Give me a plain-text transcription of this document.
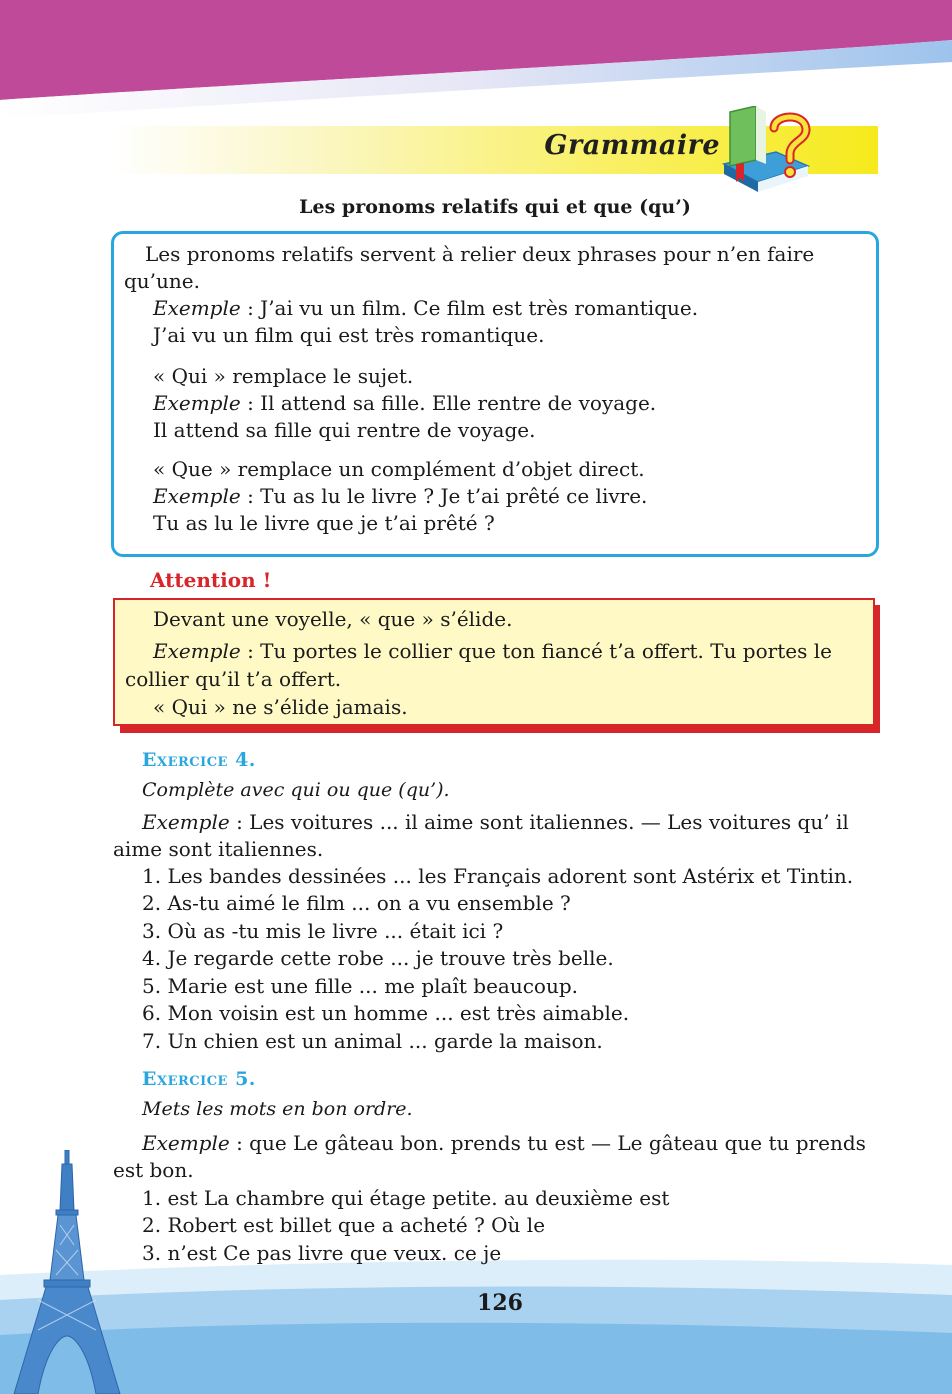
Grammaire
Les pronoms relatifs qui et que (qu’)
Les pronoms relatifs servent à relier deux phrases pour n’en faire
qu’une.
Exemple : J’ai vu un film. Ce film est très romantique.
J’ai vu un film qui est très romantique.
« Qui » remplace le sujet.
Exemple : Il attend sa fille. Elle rentre de voyage.
Il attend sa fille qui rentre de voyage.
« Que » remplace un complément d’objet direct.
Exemple : Tu as lu le livre ? Je t’ai prêté ce livre.
Tu as lu le livre que je t’ai prêté ?
Attention !
Devant une voyelle, « que » s’élide.
Exemple : Tu portes le collier que ton fiancé t’a offert. Tu portes le
collier qu’il t’a offert.
« Qui » ne s’élide jamais.
Exercice 4.
Complète avec qui ou que (qu’).
Exemple : Les voitures ... il aime sont italiennes. — Les voitures qu’ il
aime sont italiennes.
1. Les bandes dessinées ... les Français adorent sont Astérix et Tintin.
2. As-tu aimé le film ... on a vu ensemble ?
3. Où as -tu mis le livre ... était ici ?
4. Je regarde cette robe ... je trouve très belle.
5. Marie est une fille ... me plaît beaucoup.
6. Mon voisin est un homme ... est très aimable.
7. Un chien est un animal ... garde la maison.
Exercice 5.
Mets les mots en bon ordre.
Exemple : que Le gâteau bon. prends tu est — Le gâteau que tu prends
est bon.
1. est La chambre qui étage petite. au deuxième est
2. Robert est billet que a acheté ? Où le
3. n’est Ce pas livre que veux. ce je
126
